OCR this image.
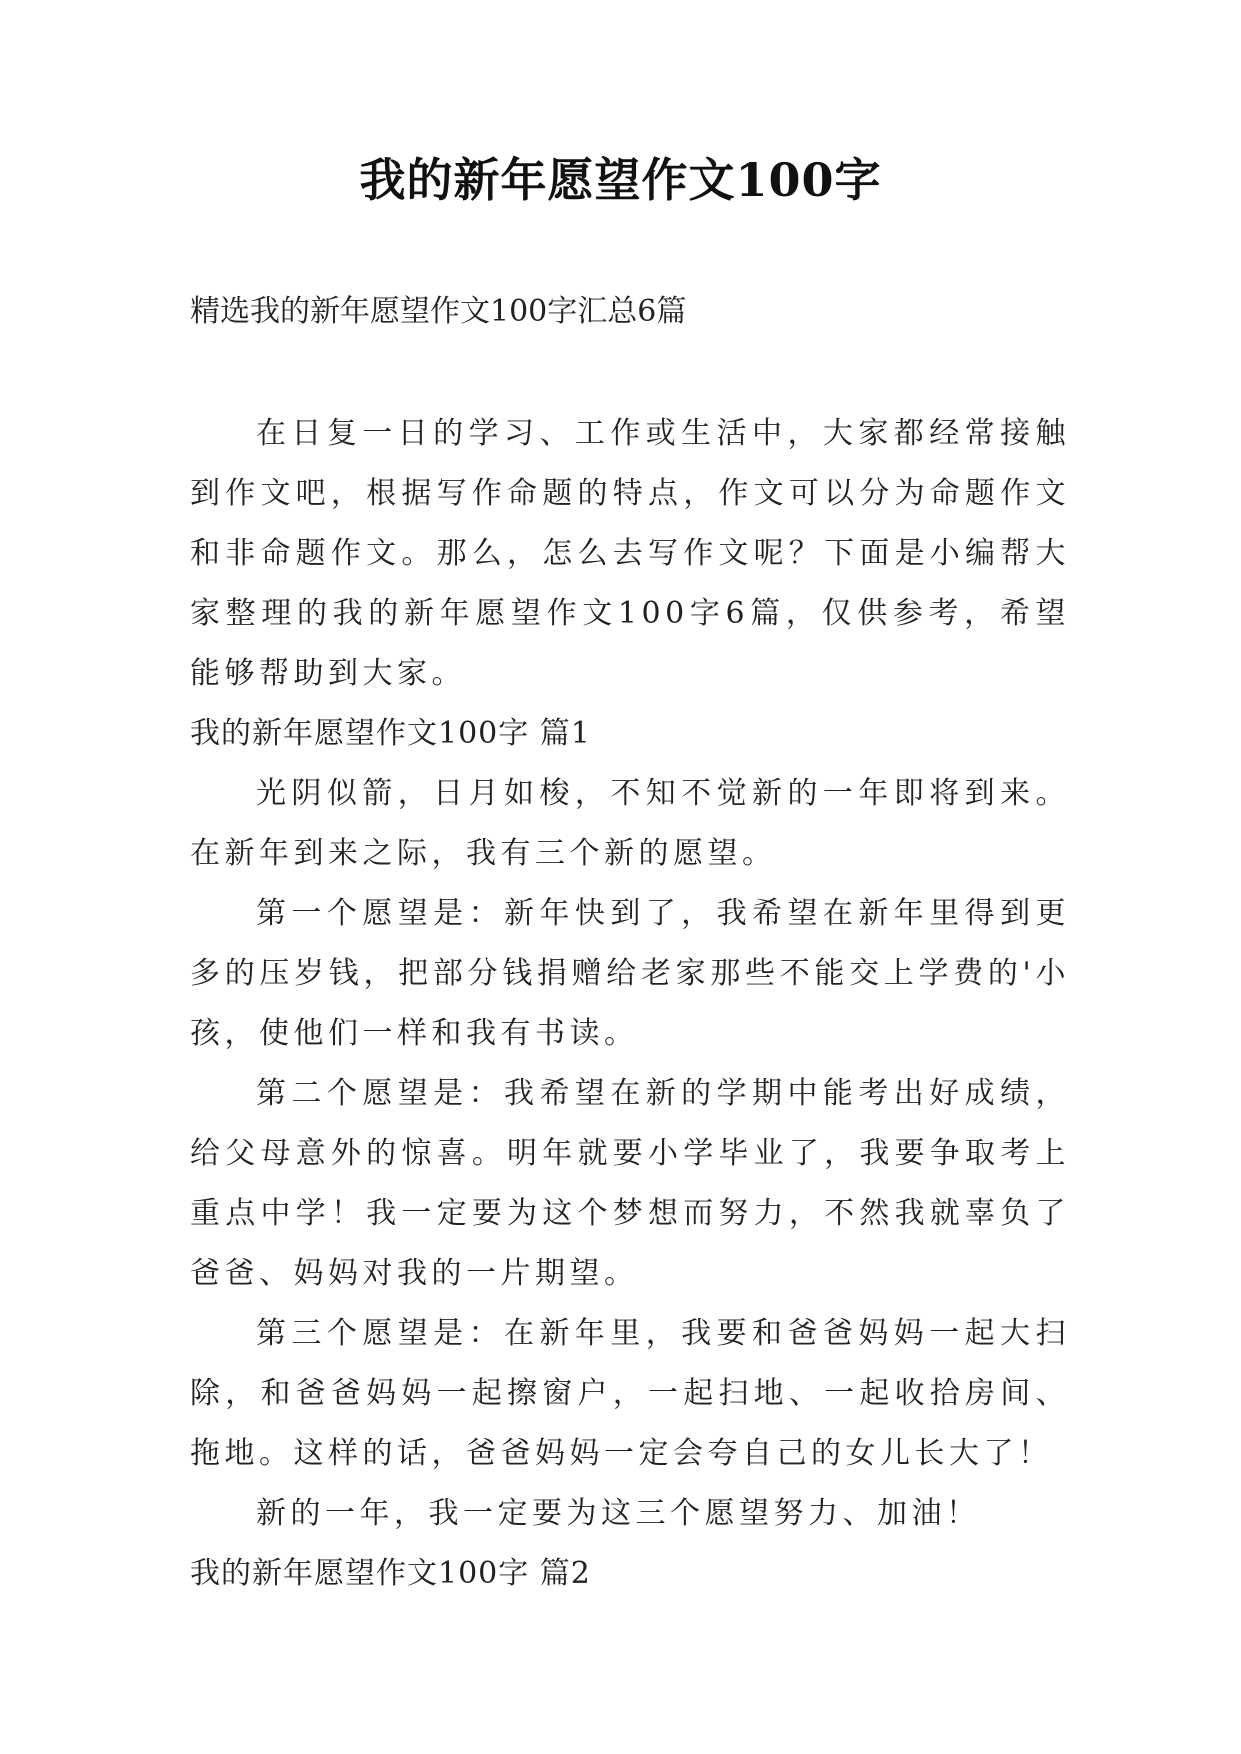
我的新年愿望作文100字
精选我的新年愿望作文100字汇总6篇

在日复一日的学习、工作或生活中，大家都经常接触到作文吧，根据写作命题的特点，作文可以分为命题作文和非命题作文。那么，怎么去写作文呢？下面是小编帮大家整理的我的新年愿望作文100字6篇，仅供参考，希望能够帮助到大家。

我的新年愿望作文100字 篇1

光阴似箭，日月如梭，不知不觉新的一年即将到来。在新年到来之际，我有三个新的愿望。

第一个愿望是：新年快到了，我希望在新年里得到更多的压岁钱，把部分钱捐赠给老家那些不能交上学费的'小孩，使他们一样和我有书读。

第二个愿望是：我希望在新的学期中能考出好成绩，给父母意外的惊喜。明年就要小学毕业了，我要争取考上重点中学！我一定要为这个梦想而努力，不然我就辜负了爸爸、妈妈对我的一片期望。

第三个愿望是：在新年里，我要和爸爸妈妈一起大扫除，和爸爸妈妈一起擦窗户，一起扫地、一起收拾房间、拖地。这样的话，爸爸妈妈一定会夸自己的女儿长大了！

新的一年，我一定要为这三个愿望努力、加油！

我的新年愿望作文100字 篇2
